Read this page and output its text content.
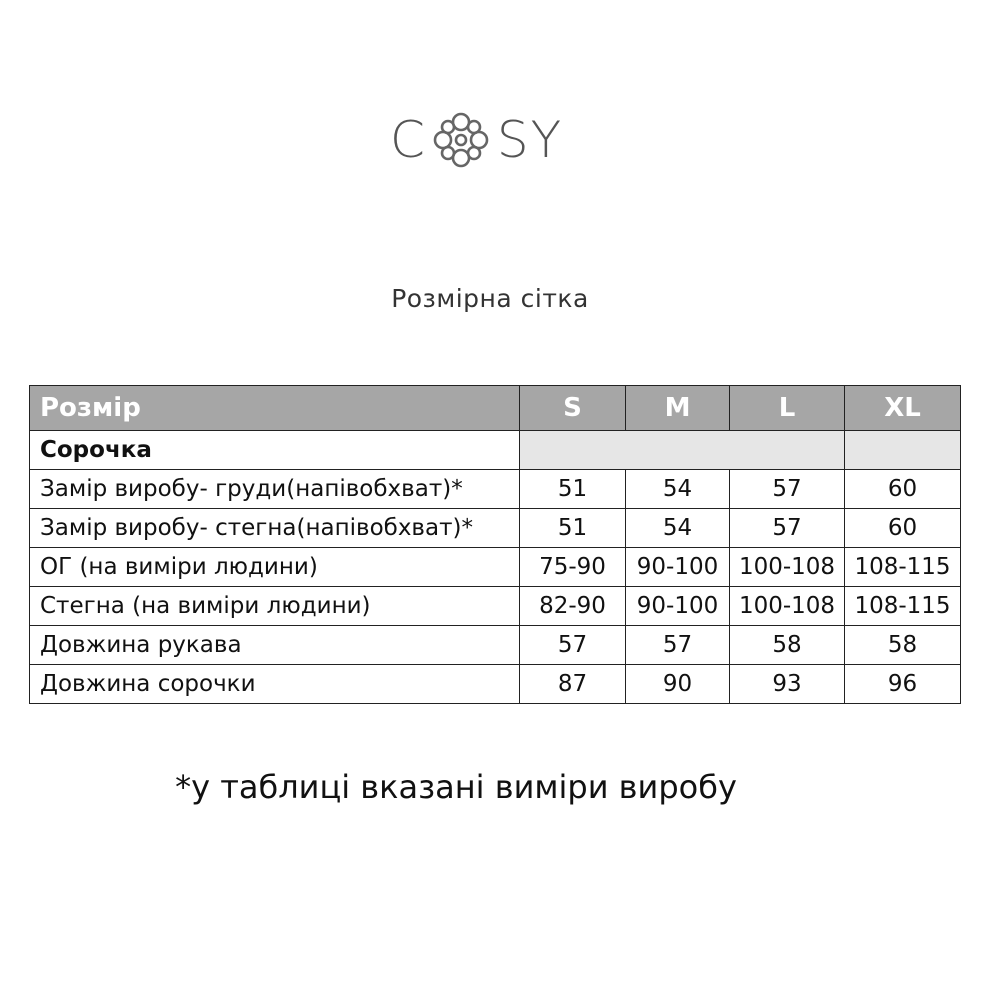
C SY
Розмірна сітка
Розмір	S	M	L	XL
Сорочка				
Замір виробу- груди(напівобхват)*	51	54	57	60
Замір виробу- стегна(напівобхват)*	51	54	57	60
ОГ (на виміри людини)	75-90	90-100	100-108	108-115
Стегна (на виміри людини)	82-90	90-100	100-108	108-115
Довжина рукава	57	57	58	58
Довжина сорочки	87	90	93	96
*у таблиці вказані виміри виробу
